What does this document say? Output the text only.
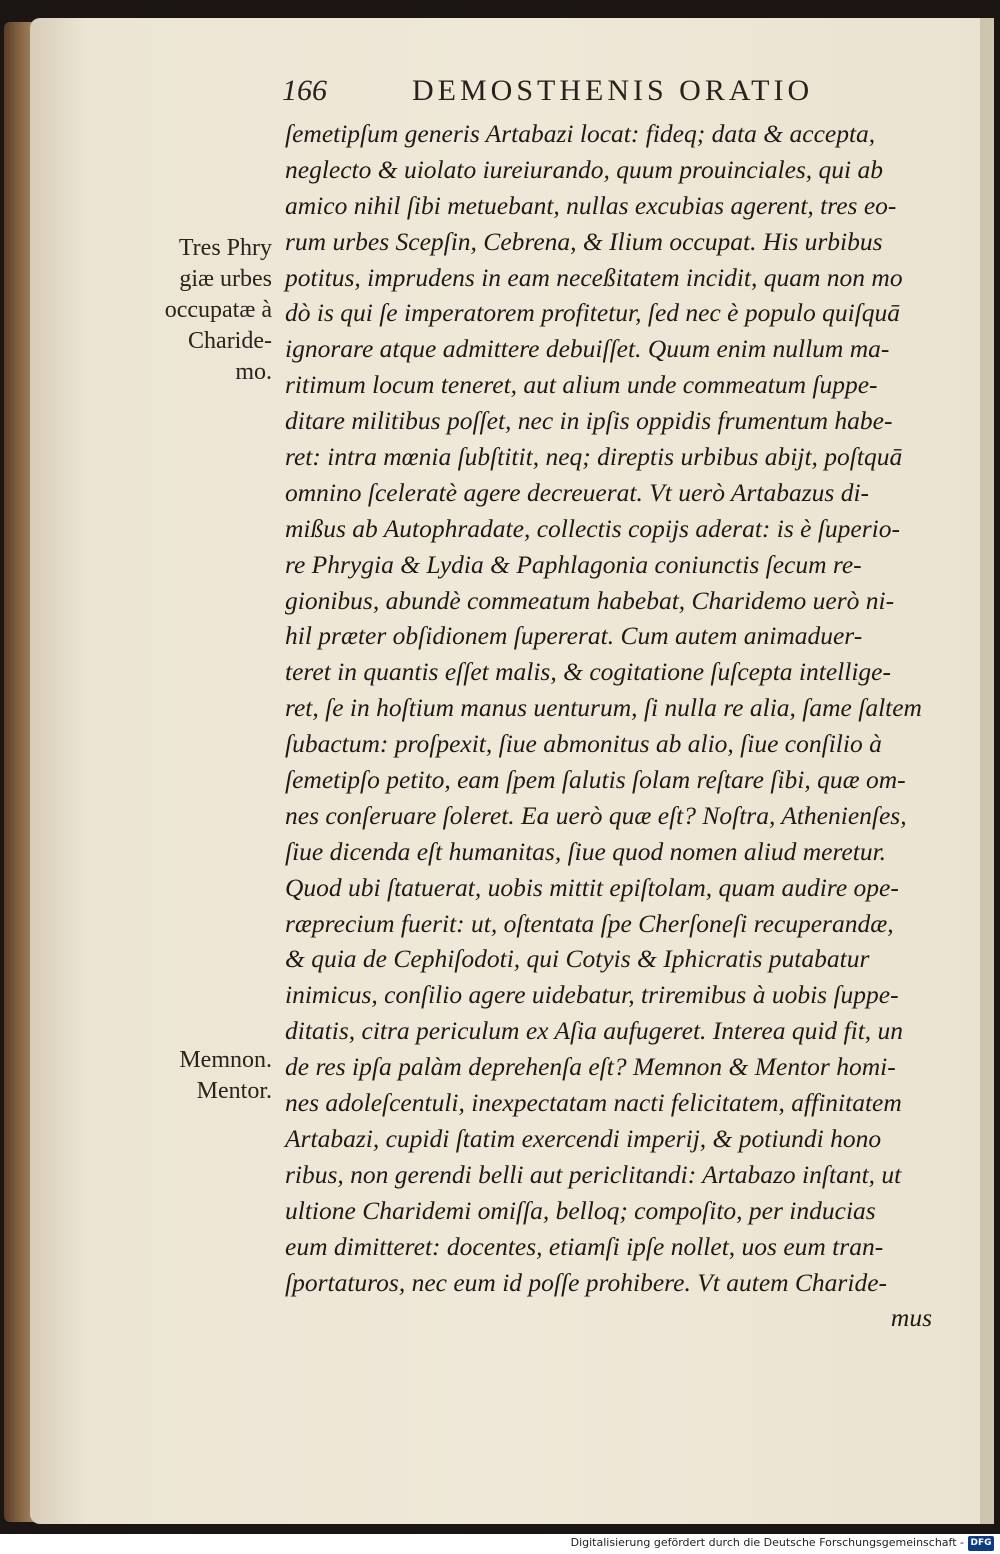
166	DEMOSTHENIS ORATIO
ſemetipſum generis Artabazi locat: fideq; data & accepta,
neglecto & uiolato iureiurando, quum prouinciales, qui ab
amico nihil ſibi metuebant, nullas excubias agerent, tres eo-
rum urbes Scepſin, Cebrena, & Ilium occupat. His urbibus
potitus, imprudens in eam neceßitatem incidit, quam non mo
dò is qui ſe imperatorem profitetur, ſed nec è populo quiſquā
ignorare atque admittere debuiſſet. Quum enim nullum ma-
ritimum locum teneret, aut alium unde commeatum ſuppe-
ditare militibus poſſet, nec in ipſis oppidis frumentum habe-
ret: intra mœnia ſubſtitit, neq; direptis urbibus abijt, poſtquā
omnino ſceleratè agere decreuerat. Vt uerò Artabazus di-
mißus ab Autophradate, collectis copijs aderat: is è ſuperio-
re Phrygia & Lydia & Paphlagonia coniunctis ſecum re-
gionibus, abundè commeatum habebat, Charidemo uerò ni-
hil præter obſidionem ſupererat. Cum autem animaduer-
teret in quantis eſſet malis, & cogitatione ſuſcepta intellige-
ret, ſe in hoſtium manus uenturum, ſi nulla re alia, ſame ſaltem
ſubactum: proſpexit, ſiue abmonitus ab alio, ſiue conſilio à
ſemetipſo petito, eam ſpem ſalutis ſolam reſtare ſibi, quæ om-
nes conſeruare ſoleret. Ea uerò quæ eſt? Noſtra, Athenienſes,
ſiue dicenda eſt humanitas, ſiue quod nomen aliud meretur.
Quod ubi ſtatuerat, uobis mittit epiſtolam, quam audire ope-
ræprecium fuerit: ut, oſtentata ſpe Cherſoneſi recuperandæ,
& quia de Cephiſodoti, qui Cotyis & Iphicratis putabatur
inimicus, conſilio agere uidebatur, triremibus à uobis ſuppe-
ditatis, citra periculum ex Aſia aufugeret. Interea quid fit, un
de res ipſa palàm deprehenſa eſt? Memnon & Mentor homi-
nes adoleſcentuli, inexpectatam nacti felicitatem, affinitatem
Artabazi, cupidi ſtatim exercendi imperij, & potiundi hono
ribus, non gerendi belli aut periclitandi: Artabazo inſtant, ut
ultione Charidemi omiſſa, belloq; compoſito, per inducias
eum dimitteret: docentes, etiamſi ipſe nollet, uos eum tran-
ſportaturos, nec eum id poſſe prohibere. Vt autem Charide-
mus
Tres Phry
giæ urbes
occupatæ à
Charide-
mo.
Memnon.
Mentor.
Digitalisierung gefördert durch die Deutsche Forschungsgemeinschaft - DFG
